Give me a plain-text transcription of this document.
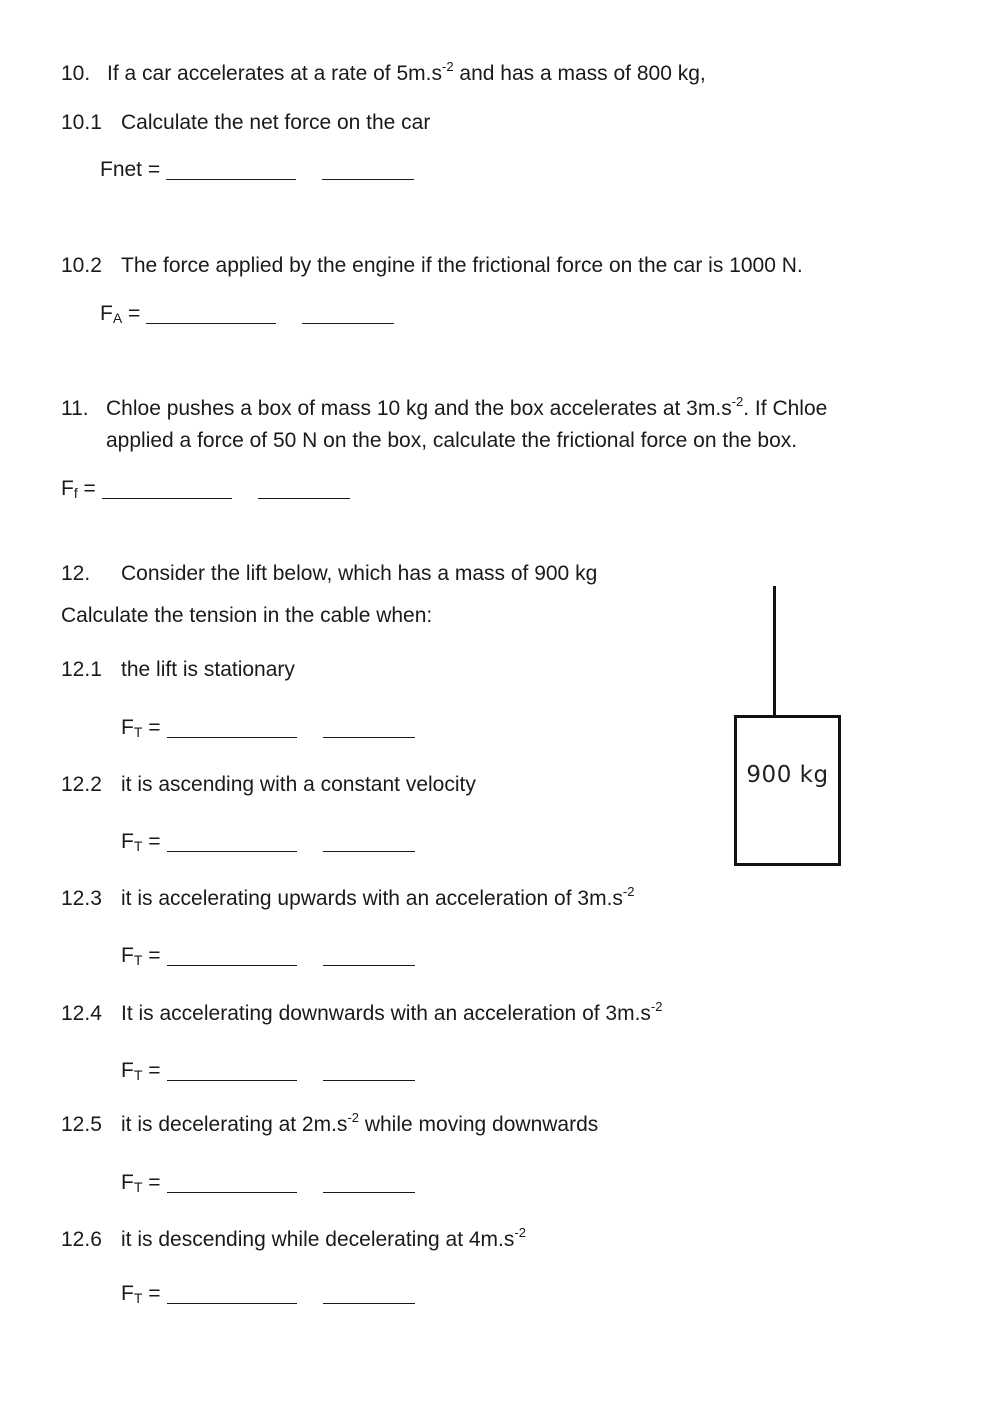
10. If a car accelerates at a rate of $5m.s^{-2}$ and has a mass of 800 kg,
10.1 Calculate the net force on the car
Fnet =
10.2 The force applied by the engine if the frictional force on the car is 1000 N.
$F_A$ =
11. Chloe pushes a box of mass 10 kg and the box accelerates at $3m.s^{-2}$. If Chloe
applied a force of 50 N on the box, calculate the frictional force on the box.
$F_f$ =
12. Consider the lift below, which has a mass of 900 kg
Calculate the tension in the cable when:
900 kg
12.1 the lift is stationary
$F_T$ =
12.2 it is ascending with a constant velocity
$F_T$ =
12.3 it is accelerating upwards with an acceleration of $3m.s^{-2}$
$F_T$ =
12.4 It is accelerating downwards with an acceleration of $3m.s^{-2}$
$F_T$ =
12.5 it is decelerating at $2m.s^{-2}$ while moving downwards
$F_T$ =
12.6 it is descending while decelerating at $4m.s^{-2}$
$F_T$ =
